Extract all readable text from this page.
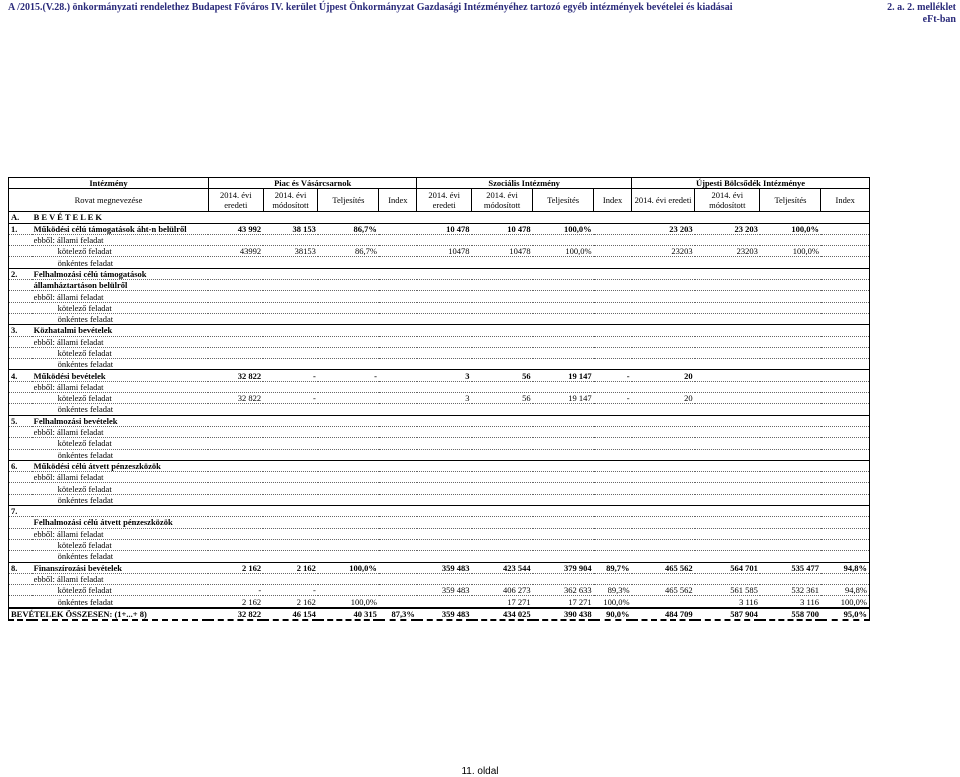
A /2015.(V.28.) önkormányzati rendelethez Budapest Főváros IV. kerület Újpest Önkormányzat Gazdasági Intézményéhez tartozó egyéb intézmények bevételei és kiadásai	2. a. 2. melléklet
eFt-ban
Intézmény		Piac és Vásárcsarnok				Szociális Intézmény				Újpesti Bölcsődék Intézménye			
Rovat megnevezése		2014. évi eredeti	2014. évi módosított	Teljesítés	Index	2014. évi eredeti	2014. évi módosított	Teljesítés	Index	2014. évi eredeti	2014. évi módosított	Teljesítés	Index
A.	B E V É T E L E K												
1.	Működési célú támogatások áht-n belülről	43 992	38 153	86,7%		10 478	10 478	100,0%		23 203	23 203	100,0%	
	ebből: állami feladat												
	kötelező feladat	43992	38153	86,7%		10478	10478	100,0%		23203	23203	100,0%	
	önkéntes feladat												
2.	Felhalmozási célú támogatások												
	államháztartáson belülről												
	ebből: állami feladat												
	kötelező feladat												
	önkéntes feladat												
3.	Közhatalmi bevételek												
	ebből: állami feladat												
	kötelező feladat												
	önkéntes feladat												
4.	Működési bevételek	32 822	-	-		3	56	19 147	-	20			
	ebből: állami feladat												
	kötelező feladat	32 822	-			3	56	19 147	-	20			
	önkéntes feladat												
5.	Felhalmozási bevételek												
	ebből: állami feladat												
	kötelező feladat												
	önkéntes feladat												
6.	Működési célú átvett pénzeszközök												
	ebből: állami feladat												
	kötelező feladat												
	önkéntes feladat												
7.													
	Felhalmozási célú átvett pénzeszközök												
	ebből: állami feladat												
	kötelező feladat												
	önkéntes feladat												
8.	Finanszírozási bevételek	2 162	2 162	100,0%		359 483	423 544	379 904	89,7%	465 562	564 701	535 477	94,8%
	ebből: állami feladat												
	kötelező feladat	-	-			359 483	406 273	362 633	89,3%	465 562	561 585	532 361	94,8%
	önkéntes feladat	2 162	2 162	100,0%			17 271	17 271	100,0%		3 116	3 116	100,0%
BEVÉTELEK ÖSSZESEN: (1+...+ 8)		32 822	46 154	40 315	87,3%	359 483	434 025	390 438	90,0%	484 709	587 904	558 700	95,0%
11. oldal
